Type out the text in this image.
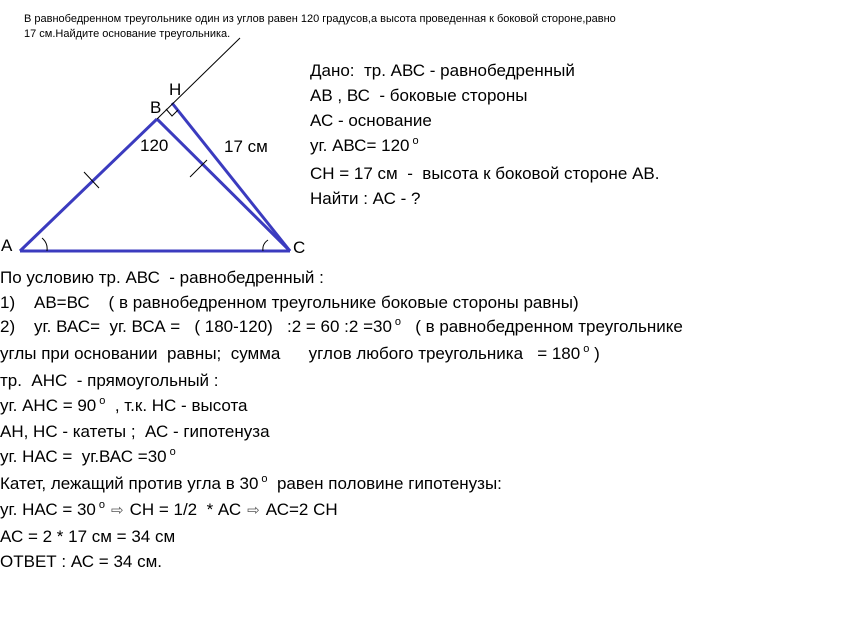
В равнобедренном треугольнике один из углов равен 120 градусов,а высота проведенная к боковой стороне,равно 17 см.Найдите основание треугольника.
A
B
C
H
120	17 см
Дано:  тр. АВС - равнобедренный
АВ , ВС  - боковые стороны
АС - основание
уг. АВС= 120 $^о$
СН = 17 см  -  высота к боковой стороне АВ.
Найти : АС - ?
По условию тр. АВС  - равнобедренный :
1)    АВ=ВС    ( в равнобедренном треугольнике боковые стороны равны)
2)    уг. ВАС=  уг. ВСА =   ( 180-120)   :2 = 60 :2 =30 $^о$   ( в равнобедренном треугольнике
углы при основании  равны;  сумма      углов любого треугольника   = 180 $^о$ )
тр.  АНС  - прямоугольный :
уг. АНС = 90 $^о$  , т.к. НС - высота
АН, НС - катеты ;  АС - гипотенуза
уг. НАС =  уг.ВАС =30 $^о$
Катет, лежащий против угла в 30 $^о$  равен половине гипотенузы:
уг. НАС = 30 $^о$ ⇨ СН = 1/2  * АС ⇨ АС=2 СН
АС = 2 * 17 см = 34 см
ОТВЕТ : АС = 34 см.
